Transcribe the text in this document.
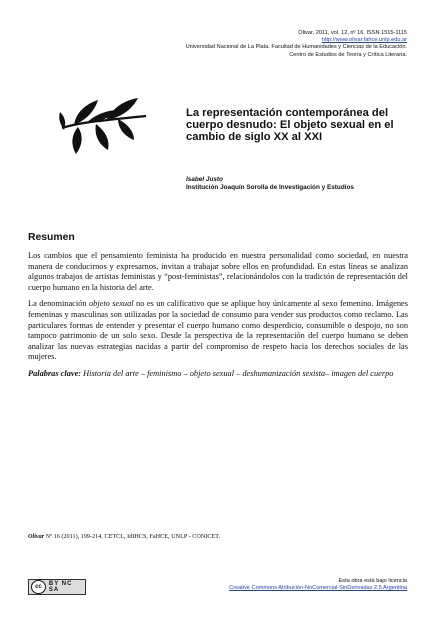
Olivar, 2011, vol. 12, nº 16. ISSN 1515-1115
http://www.olivar.fahce.unlp.edu.ar
Universidad Nacional de La Plata. Facultad de Humanidades y Ciencias de la Educación.
Centro de Estudios de Teoría y Crítica Literaria.
La representación contemporánea del cuerpo desnudo: El objeto sexual en el cambio de siglo XX al XXI
Isabel Justo
Institución Joaquín Sorolla de Investigación y Estudios
Resumen

Los cambios que el pensamiento feminista ha producido en nuestra personalidad como sociedad, en nuestra manera de conducirnos y expresarnos, invitan a trabajar sobre ellos en profundidad. En estas líneas se analizan algunos trabajos de artistas feministas y “post-feministas”, relacionándolos con la tradición de representación del cuerpo humano en la historia del arte.

La denominación objeto sexual no es un calificativo que se aplique hoy únicamente al sexo femenino. Imágenes femeninas y masculinas son utilizadas por la sociedad de consumo para vender sus productos como reclamo. Las particulares formas de entender y presentar el cuerpo humano como desperdicio, consumible o despojo, no son tampoco patrimonio de un solo sexo. Desde la perspectiva de la representación del cuerpo humano se deben analizar las nuevas estrategias nacidas a partir del compromiso de respeto hacia los derechos sociales de las mujeres.

Palabras clave: Historia del arte – feminismo – objeto sexual – deshumanización sexista– imagen del cuerpo

Olivar Nº 16 (2011), 199-214, CETCL, IdIHCS, FaHCE, UNLP - CONICET.
cc	BY NC SA
Esta obra está bajo licencia
Creative Commons Atribución-NoComercial-SinDerivadas 2.5 Argentina
